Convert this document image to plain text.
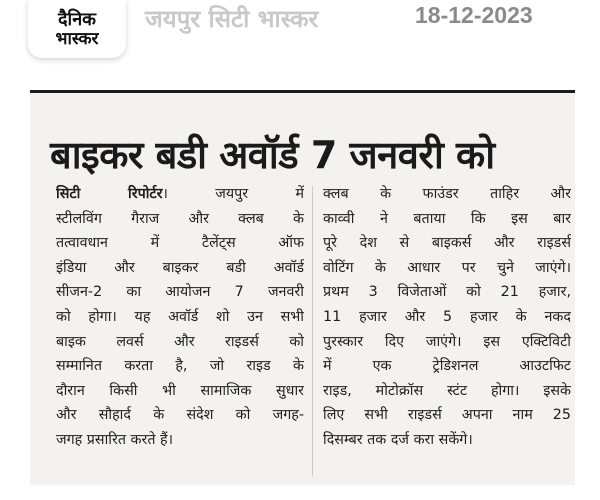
दैनिक
भास्कर
जयपुर सिटी भास्कर	18-12-2023
बाइकर बडी अवॉर्ड 7 जनवरी को
सिटी रिपोर्टर। जयपुर में
स्टीलविंग गैराज और क्लब के
तत्वावधान में टैलेंट्स ऑफ
इंडिया और बाइकर बडी अवॉर्ड
सीजन-2 का आयोजन 7 जनवरी
को होगा। यह अवॉर्ड शो उन सभी
बाइक लवर्स और राइडर्स को
सम्मानित करता है, जो राइड के
दौरान किसी भी सामाजिक सुधार
और सौहार्द के संदेश को जगह-
जगह प्रसारित करते हैं।
क्लब के फाउंडर ताहिर और
काव्वी ने बताया कि इस बार
पूरे देश से बाइकर्स और राइडर्स
वोटिंग के आधार पर चुने जाएंगे।
प्रथम 3 विजेताओं को 21 हजार,
11 हजार और 5 हजार के नकद
पुरस्कार दिए जाएंगे। इस एक्टिविटी
में एक ट्रेडिशनल आउटफिट
राइड, मोटोक्रॉस स्टंट होगा। इसके
लिए सभी राइडर्स अपना नाम 25
दिसम्बर तक दर्ज करा सकेंगे।
